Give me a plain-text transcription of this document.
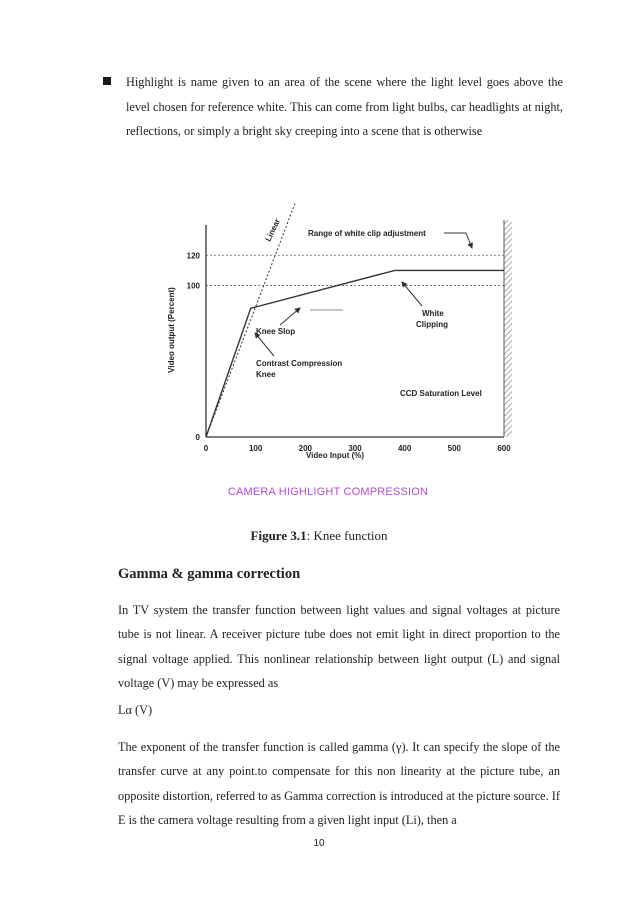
Highlight is name given to an area of the scene where the light level goes above the level chosen for reference white. This can come from light bulbs, car headlights at night, reflections, or simply a bright sky creeping into a scene that is otherwise
0	100	200	300	400	500	600
0
100
120
Video Input (%)
Video output (Percent)
Linear	Range of white clip adjustment
Knee Slop
Contrast Compression
Knee
White
Clipping
CCD Saturation Level
CAMERA HIGHLIGHT COMPRESSION
Figure 3.1: Knee function
Gamma & gamma correction
In TV system the transfer function between light values and signal voltages at picture tube is not linear. A receiver picture tube does not emit light in direct proportion to the signal voltage applied. This nonlinear relationship between light output (L) and signal voltage (V) may be expressed as
Lα (V)
The exponent of the transfer function is called gamma (γ). It can specify the slope of the transfer curve at any point.to compensate for this non linearity at the picture tube, an opposite distortion, referred to as Gamma correction is introduced at the picture source. If E is the camera voltage resulting from a given light input (Li), then a
10
